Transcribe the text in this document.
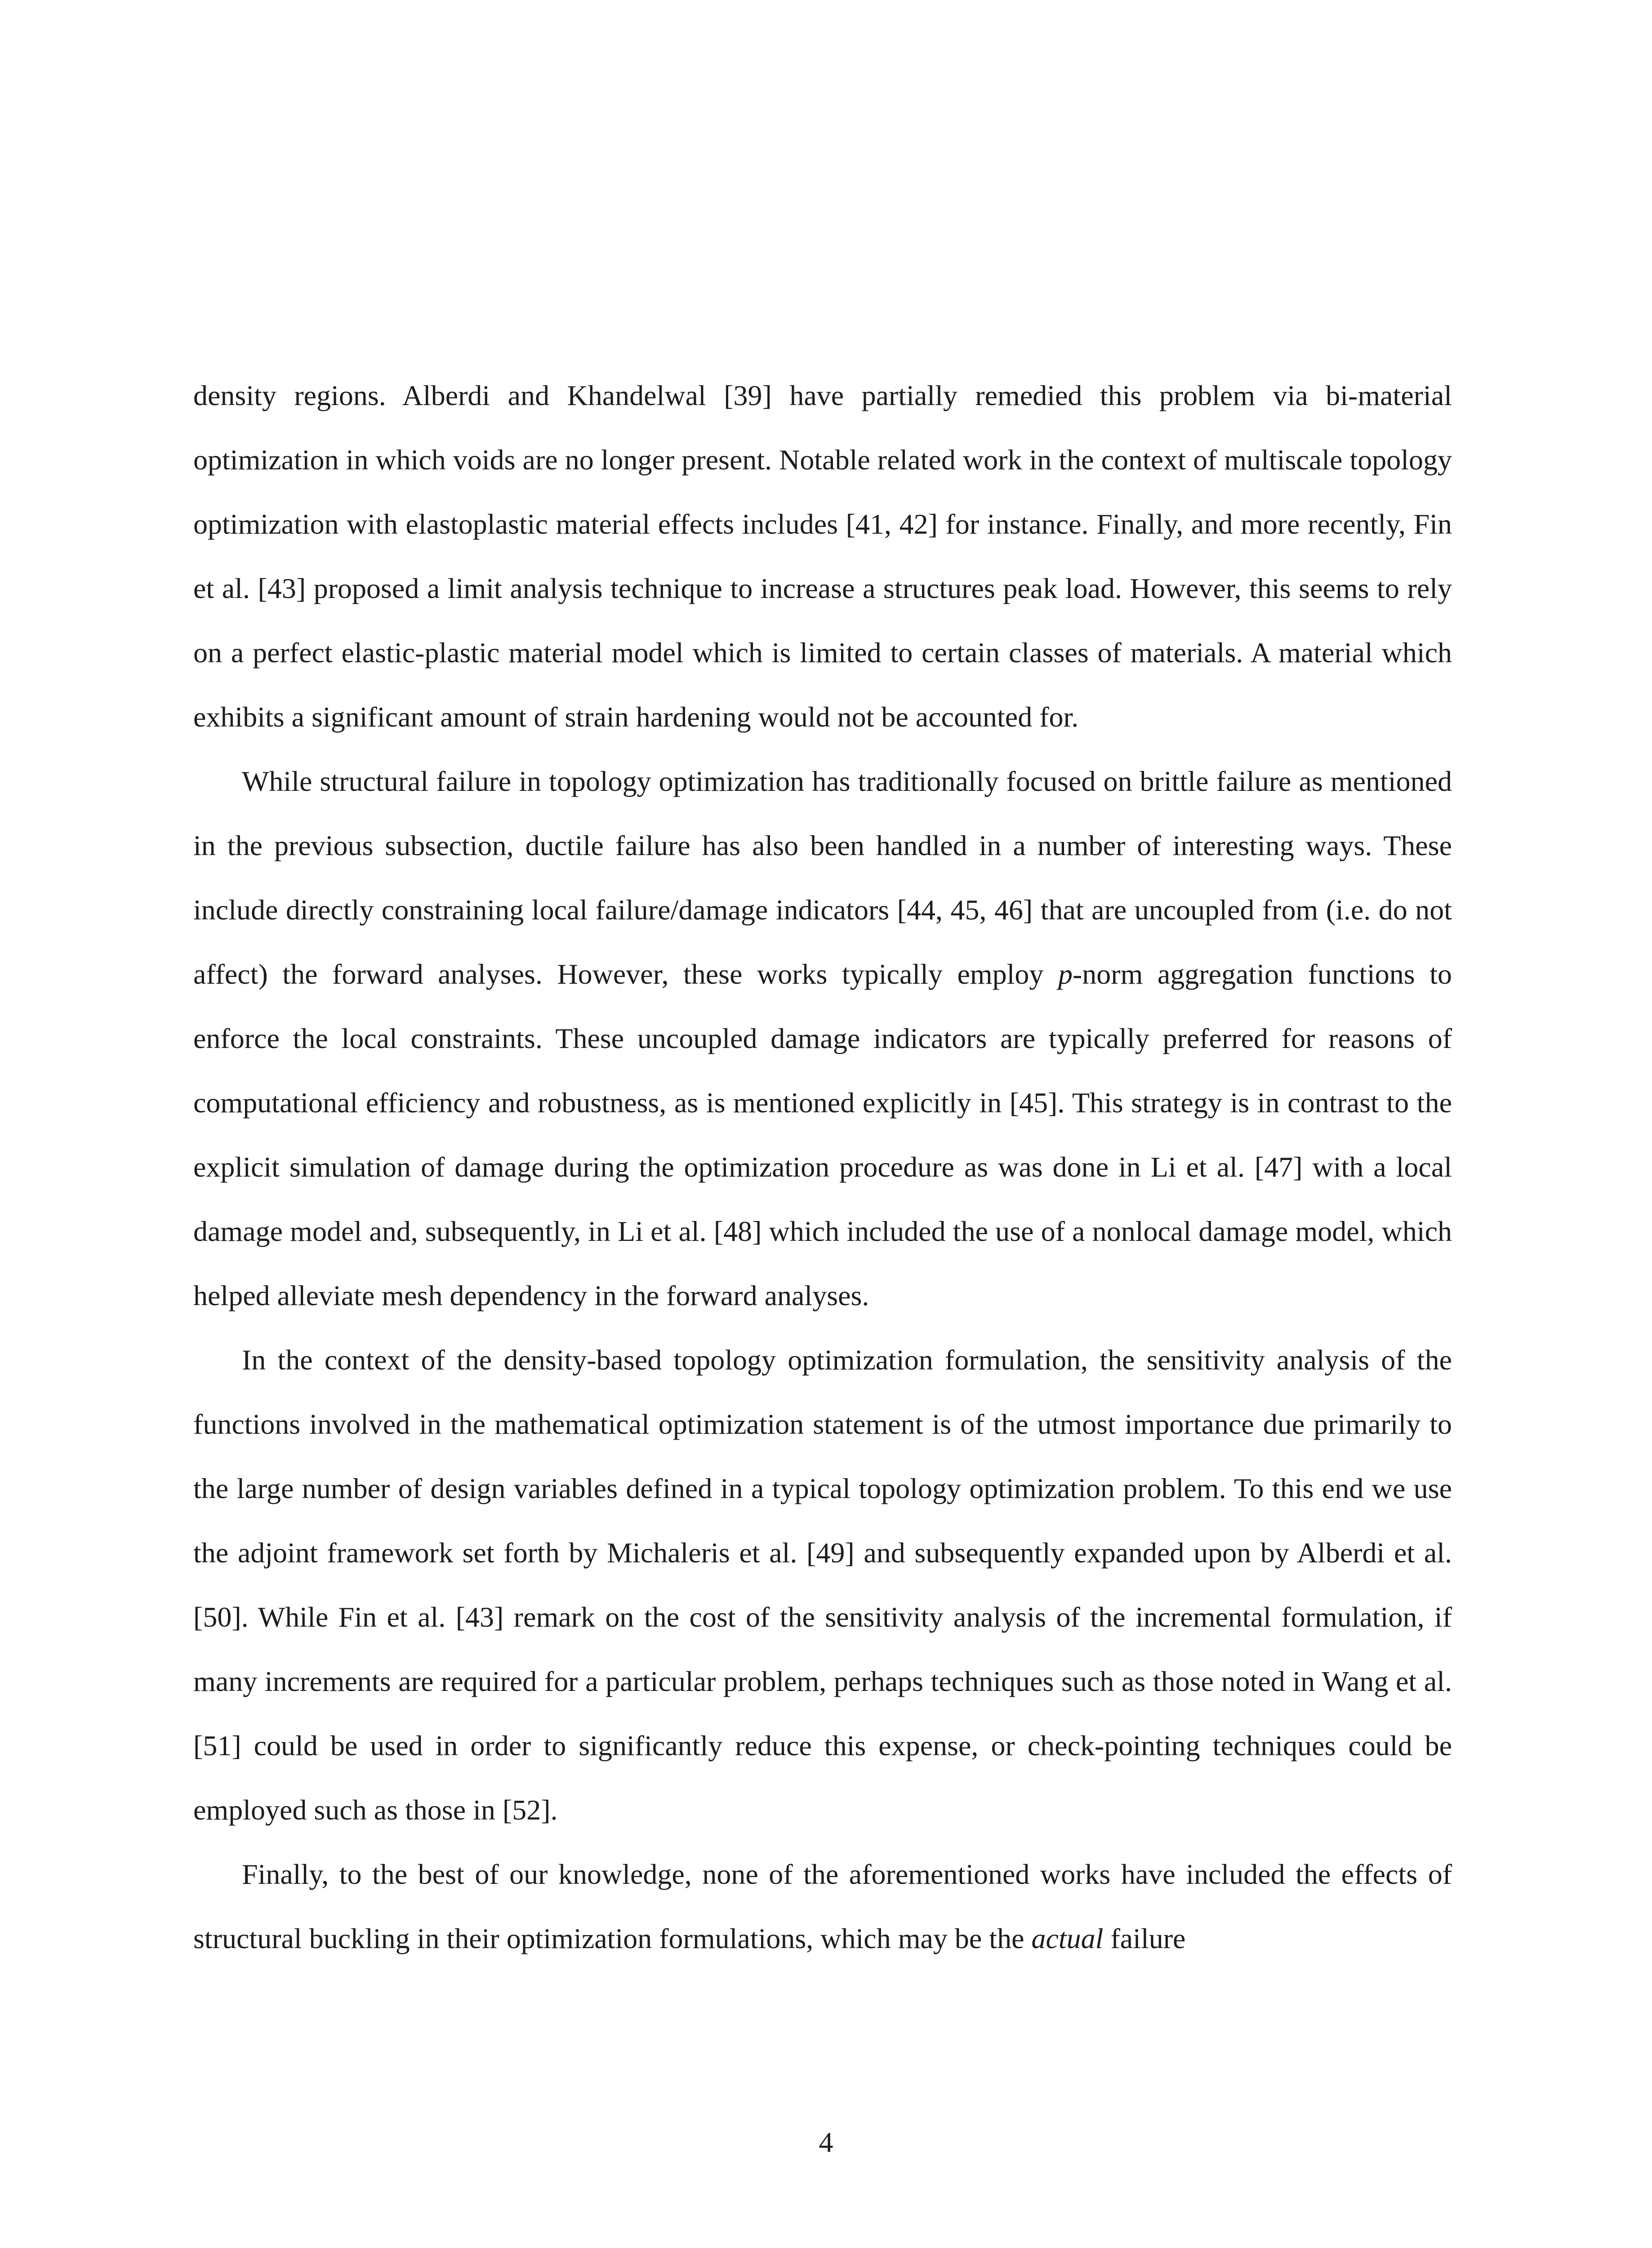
density regions. Alberdi and Khandelwal [39] have partially remedied this problem via bi-material optimization in which voids are no longer present. Notable related work in the context of multiscale topology optimization with elastoplastic material effects includes [41, 42] for instance. Finally, and more recently, Fin et al. [43] proposed a limit analysis technique to increase a structures peak load. However, this seems to rely on a perfect elastic-plastic material model which is limited to certain classes of materials. A material which exhibits a significant amount of strain hardening would not be accounted for.

While structural failure in topology optimization has traditionally focused on brittle failure as mentioned in the previous subsection, ductile failure has also been handled in a number of interesting ways. These include directly constraining local failure/damage indicators [44, 45, 46] that are uncoupled from (i.e. do not affect) the forward analyses. However, these works typically employ p-norm aggregation functions to enforce the local constraints. These uncoupled damage indicators are typically preferred for reasons of computational efficiency and robustness, as is mentioned explicitly in [45]. This strategy is in contrast to the explicit simulation of damage during the optimization procedure as was done in Li et al. [47] with a local damage model and, subsequently, in Li et al. [48] which included the use of a nonlocal damage model, which helped alleviate mesh dependency in the forward analyses.

In the context of the density-based topology optimization formulation, the sensitivity analysis of the functions involved in the mathematical optimization statement is of the utmost importance due primarily to the large number of design variables defined in a typical topology optimization problem. To this end we use the adjoint framework set forth by Michaleris et al. [49] and subsequently expanded upon by Alberdi et al. [50]. While Fin et al. [43] remark on the cost of the sensitivity analysis of the incremental formulation, if many increments are required for a particular problem, perhaps techniques such as those noted in Wang et al. [51] could be used in order to significantly reduce this expense, or check-pointing techniques could be employed such as those in [52].

Finally, to the best of our knowledge, none of the aforementioned works have included the effects of structural buckling in their optimization formulations, which may be the actual failure

4
